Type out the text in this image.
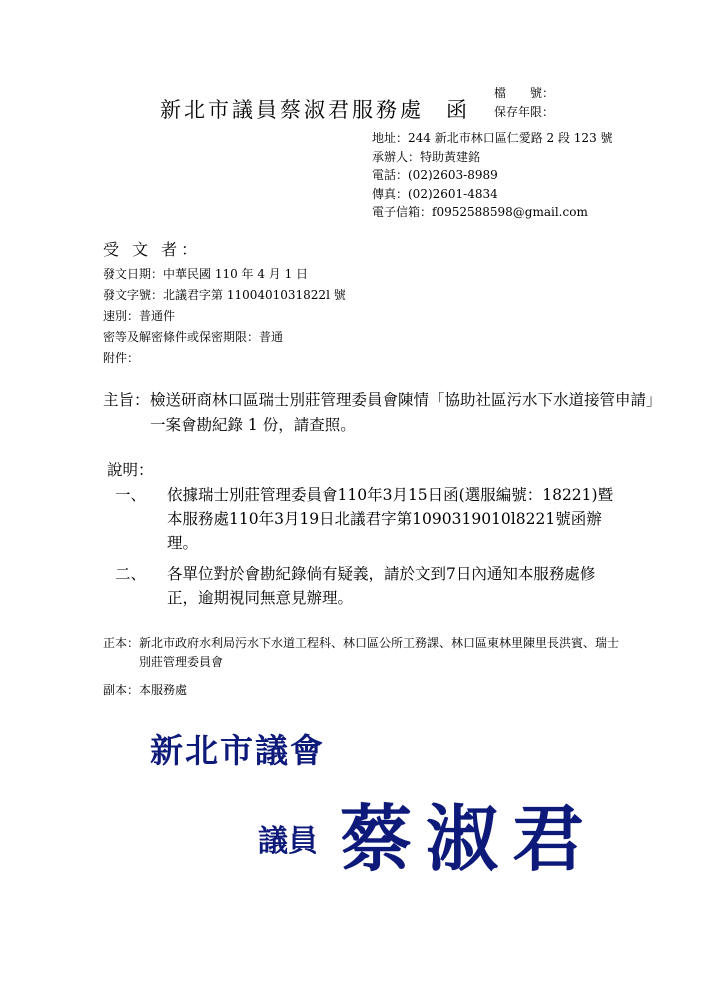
新北市議員蔡淑君服務處 函
檔　　號：
保存年限：
地址：244 新北市林口區仁愛路 2 段 123 號
承辦人：特助黃建銘
電話：(02)2603-8989
傳真：(02)2601-4834
電子信箱：f0952588598@gmail.com
受 文 者：
發文日期：中華民國 110 年 4 月 1 日
發文字號：北議君字第 1100401031822l 號
速別：普通件
密等及解密條件或保密期限：普通
附件：
主旨： 檢送研商林口區瑞士別莊管理委員會陳情「協助社區污水下水道接管申請」一案會勘紀錄 1 份，請查照。
說明：
一、 依據瑞士別莊管理委員會110年3月15日函(選服編號：18221)暨本服務處110年3月19日北議君字第1090319010l8221號函辦理。
二、 各單位對於會勘紀錄倘有疑義，請於文到7日內通知本服務處修正，逾期視同無意見辦理。
正本： 新北市政府水利局污水下水道工程科、林口區公所工務課、林口區東林里陳里長洪賓、瑞士別莊管理委員會
副本：本服務處
新北市議會
議員 蔡淑君
